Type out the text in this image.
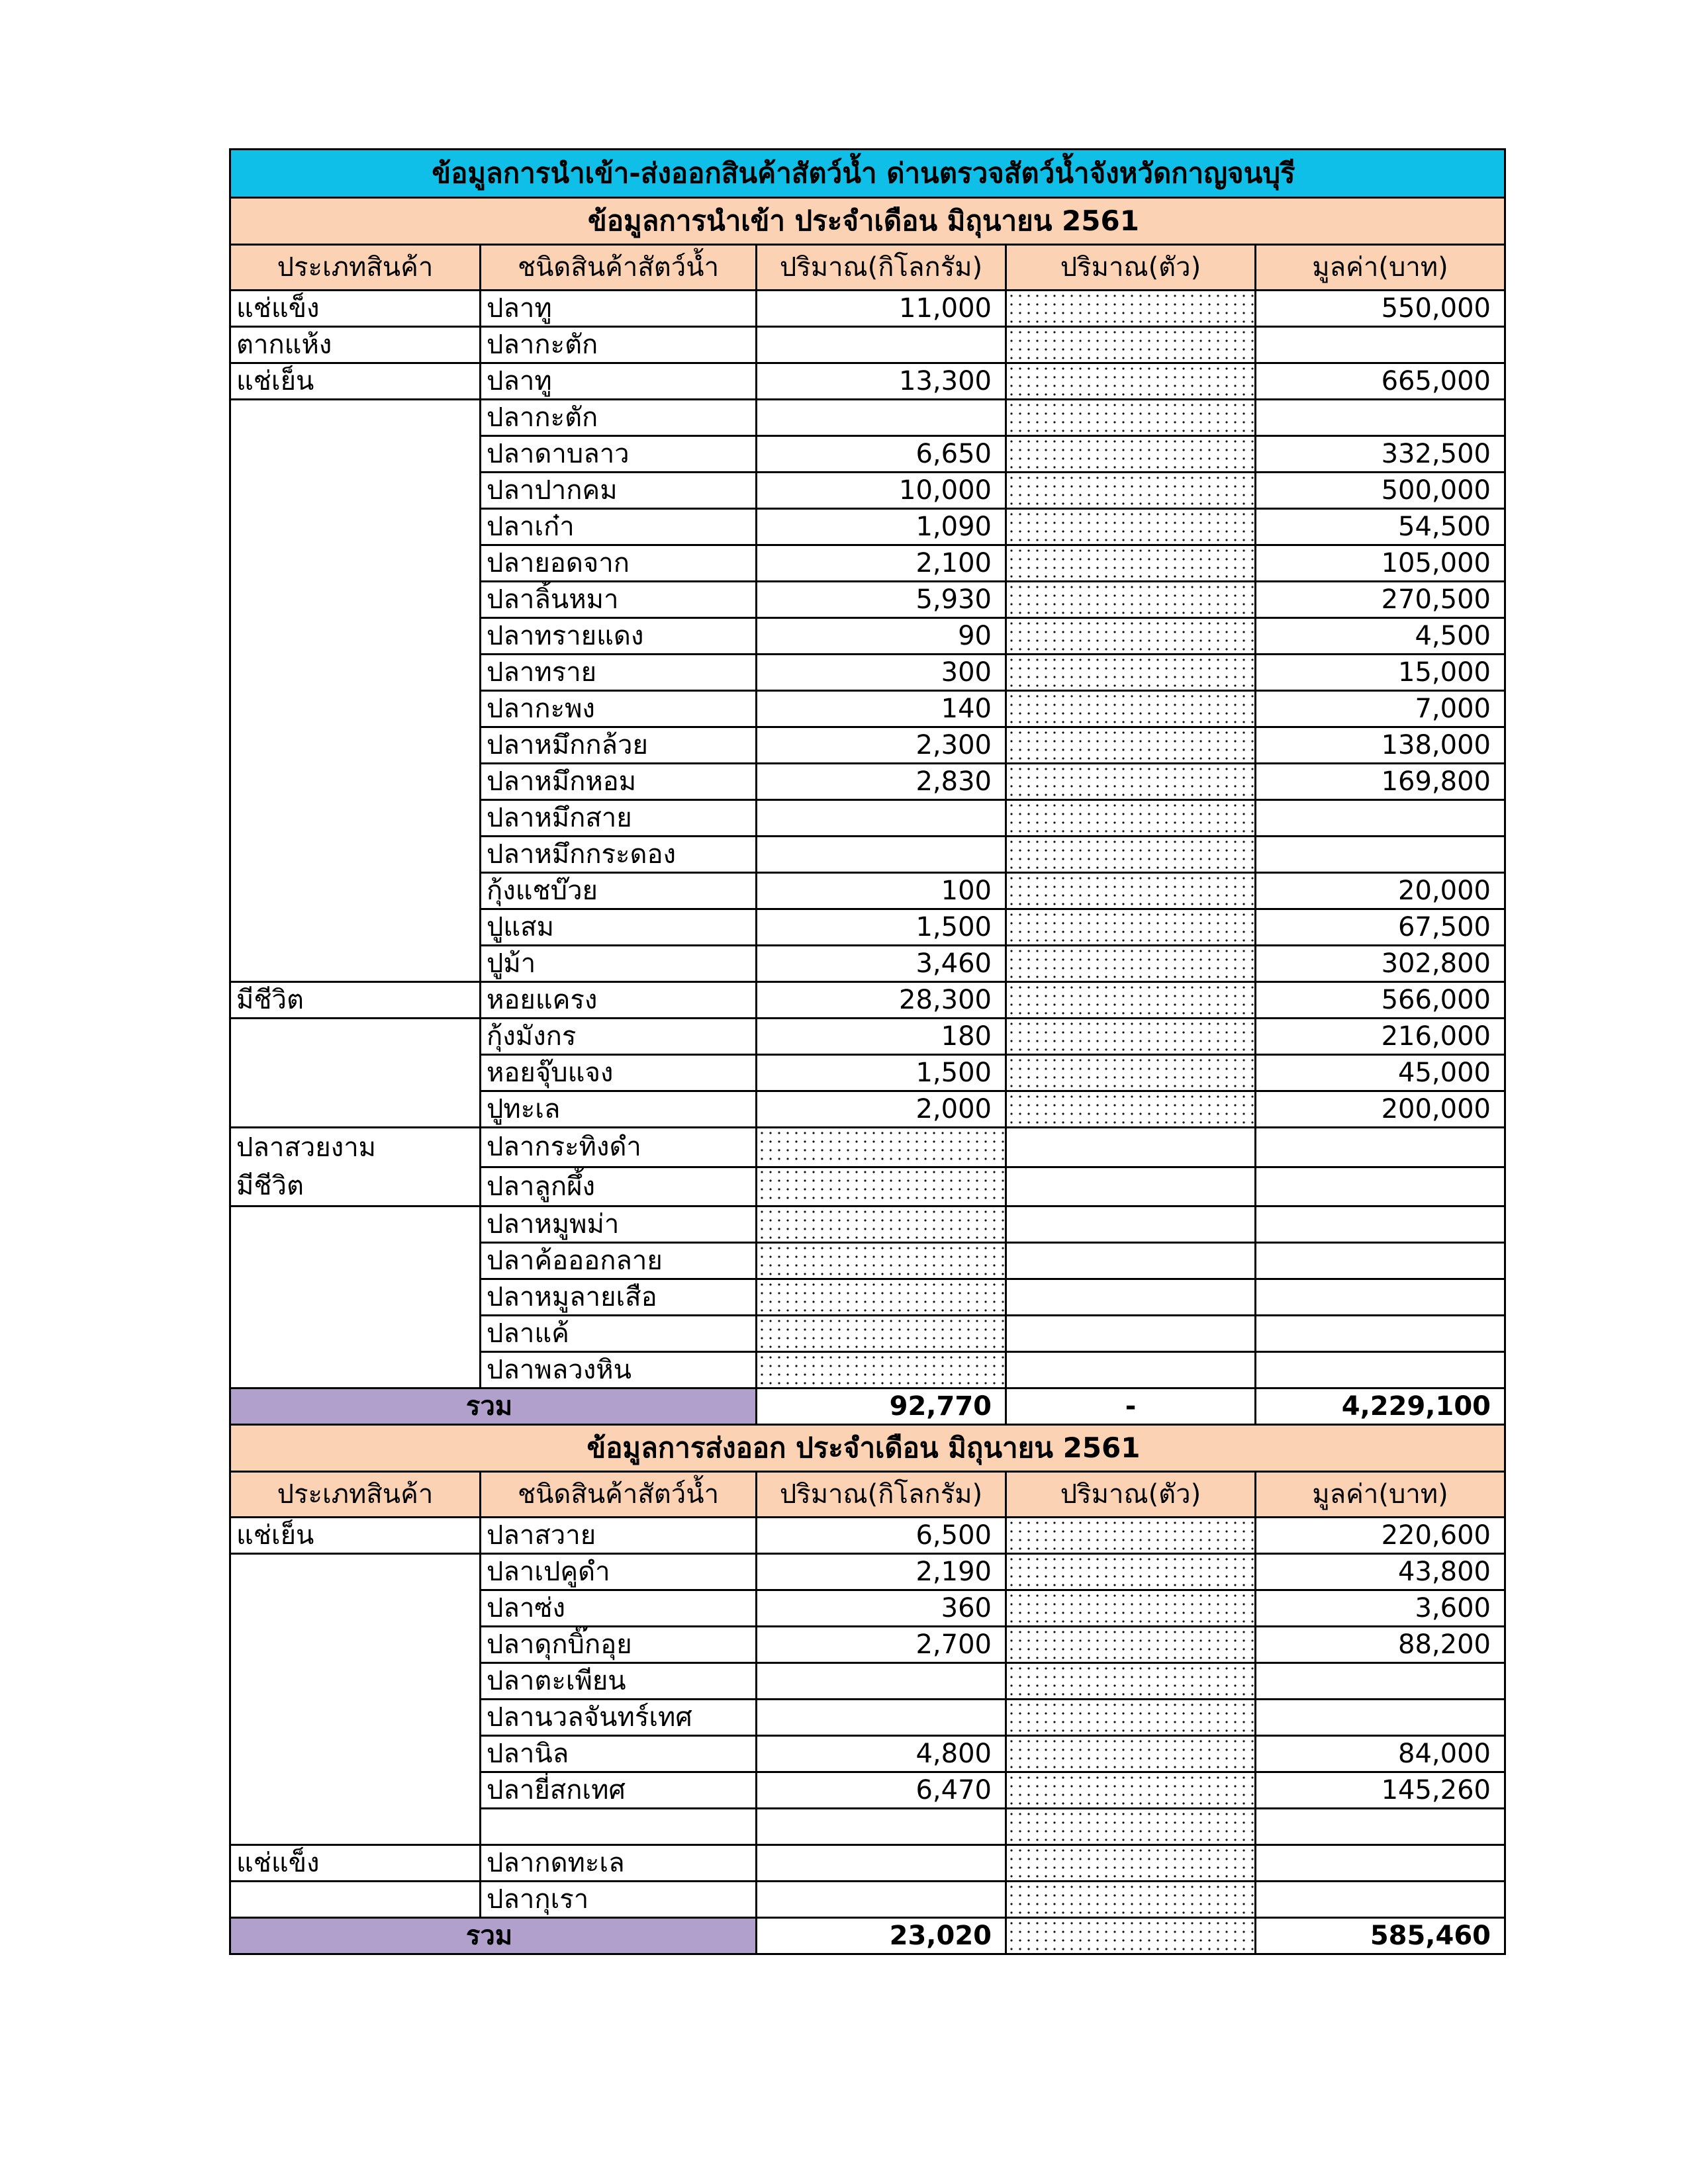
ข้อมูลการนำเข้า-ส่งออกสินค้าสัตว์น้ำ ด่านตรวจสัตว์น้ำจังหวัดกาญจนบุรี				
ข้อมูลการนำเข้า ประจำเดือน มิถุนายน 2561				
ประเภทสินค้า	ชนิดสินค้าสัตว์น้ำ	ปริมาณ(กิโลกรัม)	ปริมาณ(ตัว)	มูลค่า(บาท)
แช่แข็ง	ปลาทู	11,000		550,000
ตากแห้ง	ปลากะตัก			
แช่เย็น	ปลาทู	13,300		665,000
	ปลากะตัก			
	ปลาดาบลาว	6,650		332,500
	ปลาปากคม	10,000		500,000
	ปลาเก๋า	1,090		54,500
	ปลายอดจาก	2,100		105,000
	ปลาลิ้นหมา	5,930		270,500
	ปลาทรายแดง	90		4,500
	ปลาทราย	300		15,000
	ปลากะพง	140		7,000
	ปลาหมึกกล้วย	2,300		138,000
	ปลาหมึกหอม	2,830		169,800
	ปลาหมึกสาย			
	ปลาหมึกกระดอง			
	กุ้งแชบ๊วย	100		20,000
	ปูแสม	1,500		67,500
	ปูม้า	3,460		302,800
มีชีวิต	หอยแครง	28,300		566,000
	กุ้งมังกร	180		216,000
	หอยจุ๊บแจง	1,500		45,000
	ปูทะเล	2,000		200,000

ปลาสวยงาม
มีชีวิต	ปลากระทิงดำ			
	ปลาลูกผึ้ง			
	ปลาหมูพม่า			
	ปลาค้อออกลาย			
	ปลาหมูลายเสือ			
	ปลาแค้			
	ปลาพลวงหิน			
รวม		92,770	-	4,229,100
ข้อมูลการส่งออก ประจำเดือน มิถุนายน 2561				
ประเภทสินค้า	ชนิดสินค้าสัตว์น้ำ	ปริมาณ(กิโลกรัม)	ปริมาณ(ตัว)	มูลค่า(บาท)
แช่เย็น	ปลาสวาย	6,500		220,600
	ปลาเปคูดำ	2,190		43,800
	ปลาซ่ง	360		3,600
	ปลาดุกบิ๊กอุย	2,700		88,200
	ปลาตะเพียน			
	ปลานวลจันทร์เทศ			
	ปลานิล	4,800		84,000
	ปลายี่สกเทศ	6,470		145,260

แช่แข็ง	ปลากดทะเล			
	ปลากุเรา			
รวม		23,020		585,460
